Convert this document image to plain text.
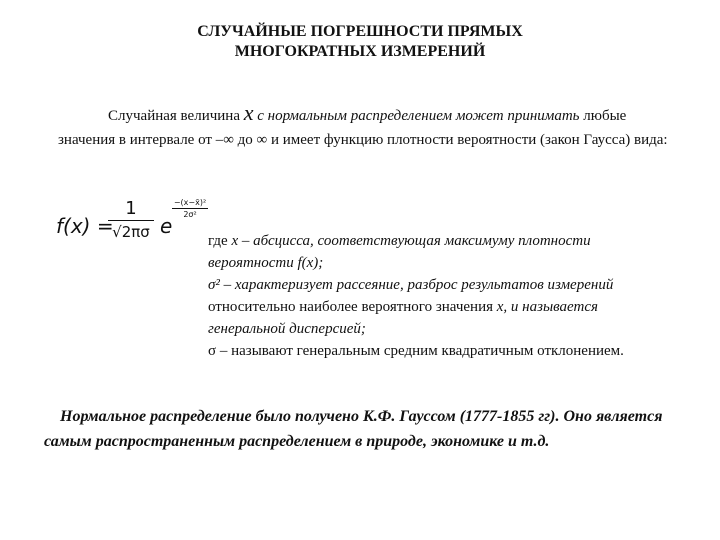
СЛУЧАЙНЫЕ ПОГРЕШНОСТИ ПРЯМЫХ
МНОГОКРАТНЫХ ИЗМЕРЕНИЙ
Случайная величина x с нормальным распределением может принимать любые значения в интервале от –∞ до ∞ и имеет функцию плотности вероятности (закон Гаусса) вида:
f(x) =
1
√2πσ e
−(x−x̄)²
2σ²

где x – абсцисса, соответствующая максимуму плотности вероятности f(x);

σ² – характеризует рассеяние, разброс результатов измерений относительно наиболее вероятного значения x, и называется генеральной дисперсией;

σ – называют генеральным средним квадратичным отклонением.

Нормальное распределение было получено К.Ф. Гауссом (1777-1855 гг). Оно является самым распространенным распределением в природе, экономике и т.д.
